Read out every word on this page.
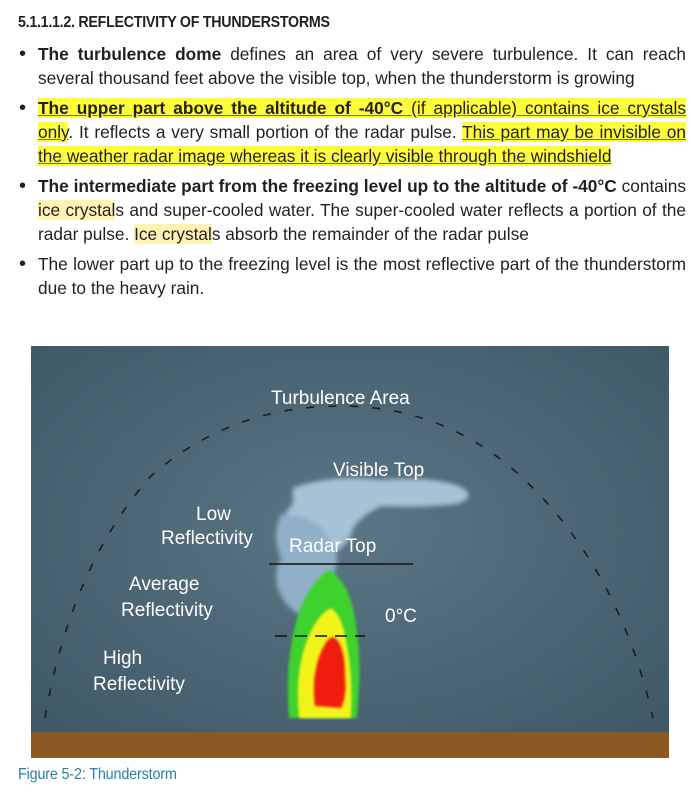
5.1.1.1.2. REFLECTIVITY OF THUNDERSTORMS
• The turbulence dome defines an area of very severe turbulence. It can reach several thousand feet above the visible top, when the thunderstorm is growing
• The upper part above the altitude of -40°C (if applicable) contains ice crystals only. It reflects a very small portion of the radar pulse. This part may be invisible on the weather radar image whereas it is clearly visible through the windshield
• The intermediate part from the freezing level up to the altitude of -40°C contains ice crystals and super-cooled water. The super-cooled water reflects a portion of the radar pulse. Ice crystals absorb the remainder of the radar pulse
• The lower part up to the freezing level is the most reflective part of the thunderstorm due to the heavy rain.
Turbulence Area
Visible Top
Low
Reflectivity Radar Top
Average
Reflectivity	0°C
High
Reflectivity
Figure 5-2: Thunderstorm
